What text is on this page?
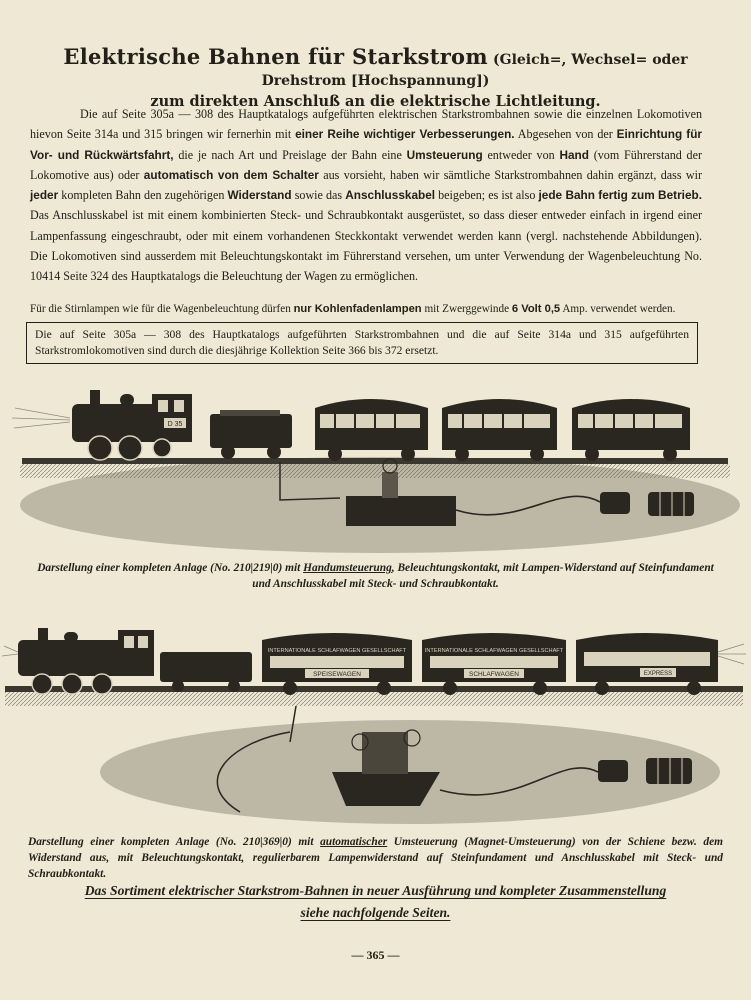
Elektrische Bahnen für Starkstrom (Gleich=, Wechsel= oder Drehstrom [Hochspannung])
zum direkten Anschluß an die elektrische Lichtleitung.

Die auf Seite 305a — 308 des Hauptkatalogs aufgeführten elektrischen Starkstrombahnen sowie die einzelnen Lokomotiven hievon Seite 314a und 315 bringen wir fernerhin mit einer Reihe wichtiger Verbesserungen. Abgesehen von der Einrichtung für Vor- und Rückwärtsfahrt, die je nach Art und Preislage der Bahn eine Umsteuerung entweder von Hand (vom Führerstand der Lokomotive aus) oder automatisch von dem Schalter aus vorsieht, haben wir sämtliche Starkstrombahnen dahin ergänzt, dass wir jeder kompleten Bahn den zugehörigen Widerstand sowie das Anschlusskabel beigeben; es ist also jede Bahn fertig zum Betrieb. Das Anschlusskabel ist mit einem kombinierten Steck- und Schraubkontakt ausgerüstet, so dass dieser entweder einfach in irgend einer Lampenfassung eingeschraubt, oder mit einem vorhandenen Steckkontakt verwendet werden kann (vergl. nachstehende Abbildungen). Die Lokomotiven sind ausserdem mit Beleuchtungskontakt im Führerstand versehen, um unter Verwendung der Wagenbeleuchtung No. 10414 Seite 324 des Hauptkatalogs die Beleuchtung der Wagen zu ermöglichen.

Für die Stirnlampen wie für die Wagenbeleuchtung dürfen nur Kohlenfadenlampen mit Zwerggewinde 6 Volt 0,5 Amp. verwendet werden.
Die auf Seite 305a — 308 des Hauptkatalogs aufgeführten Starkstrombahnen und die auf Seite 314a und 315 aufgeführten Starkstromlokomotiven sind durch die diesjährige Kollektion Seite 366 bis 372 ersetzt.
D 35
Darstellung einer kompleten Anlage (No. 210|219|0) mit Handumsteuerung, Beleuchtungskontakt, mit Lampen-Widerstand auf Steinfundament und Anschlusskabel mit Steck- und Schraubkontakt.
INTERNATIONALE SCHLAFWAGEN GESELLSCHAFT
SPEISEWAGEN
INTERNATIONALE SCHLAFWAGEN GESELLSCHAFT
SCHLAFWAGEN	EXPRESS
Darstellung einer kompleten Anlage (No. 210|369|0) mit automatischer Umsteuerung (Magnet-Umsteuerung) von der Schiene bezw. dem Widerstand aus, mit Beleuchtungskontakt, regulierbarem Lampenwiderstand auf Steinfundament und Anschlusskabel mit Steck- und Schraubkontakt.
Das Sortiment elektrischer Starkstrom-Bahnen in neuer Ausführung und kompleter Zusammenstellung
siehe nachfolgende Seiten.
— 365 —
